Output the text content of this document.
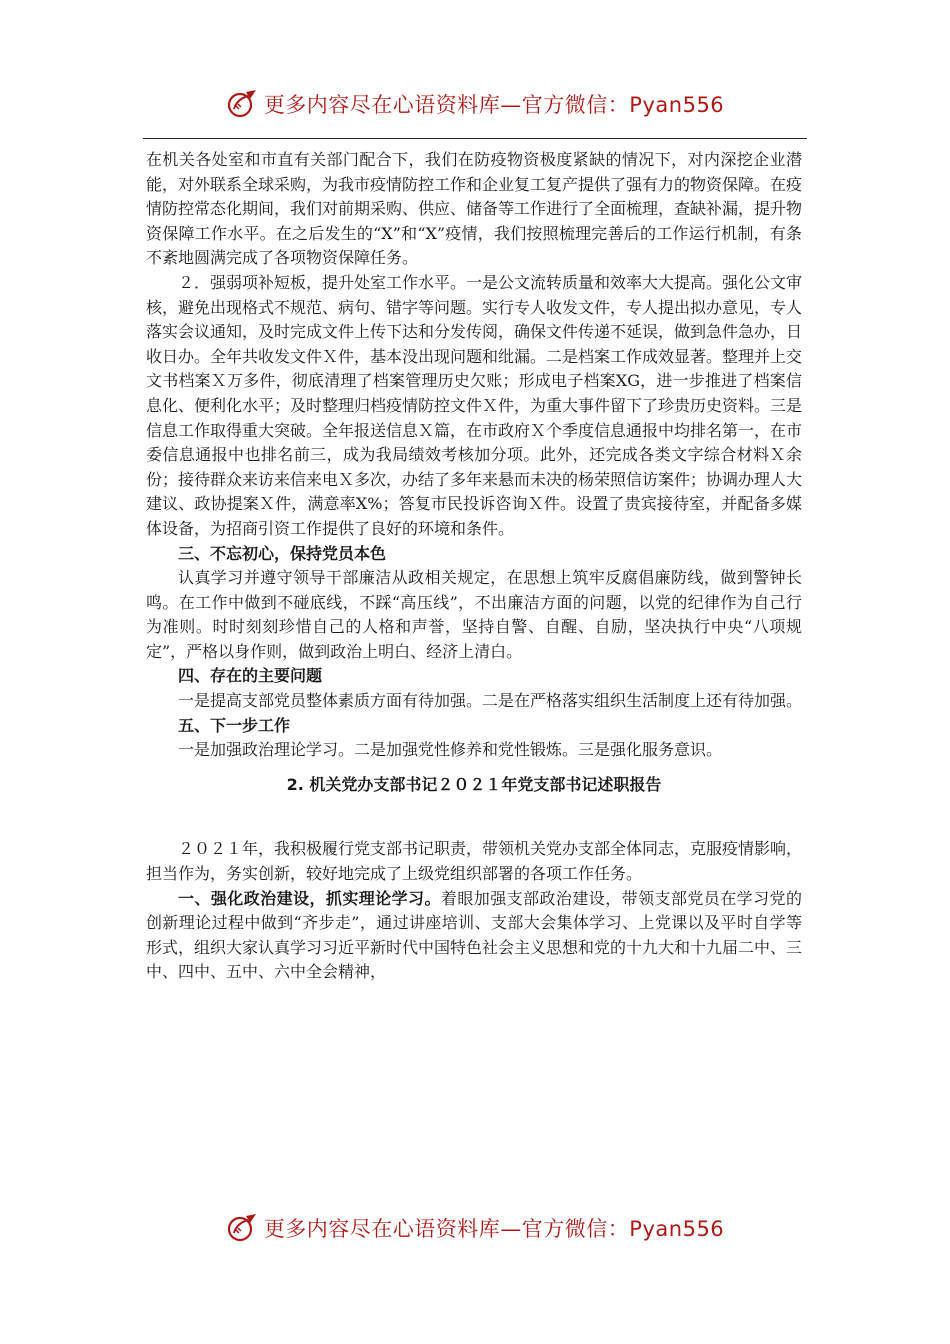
更多内容尽在心语资料库—官方微信：Pyan556

在机关各处室和市直有关部门配合下，我们在防疫物资极度紧缺的情况下，对内深挖企业潜能，对外联系全球采购，为我市疫情防控工作和企业复工复产提供了强有力的物资保障。在疫情防控常态化期间，我们对前期采购、供应、储备等工作进行了全面梳理，查缺补漏，提升物资保障工作水平。在之后发生的“X”和“X”疫情，我们按照梳理完善后的工作运行机制，有条不紊地圆满完成了各项物资保障任务。

２．强弱项补短板，提升处室工作水平。一是公文流转质量和效率大大提高。强化公文审核，避免出现格式不规范、病句、错字等问题。实行专人收发文件，专人提出拟办意见，专人落实会议通知，及时完成文件上传下达和分发传阅，确保文件传递不延误，做到急件急办，日收日办。全年共收发文件Ｘ件，基本没出现问题和纰漏。二是档案工作成效显著。整理并上交文书档案Ｘ万多件，彻底清理了档案管理历史欠账；形成电子档案XG，进一步推进了档案信息化、便利化水平；及时整理归档疫情防控文件Ｘ件，为重大事件留下了珍贵历史资料。三是信息工作取得重大突破。全年报送信息Ｘ篇，在市政府Ｘ个季度信息通报中均排名第一，在市委信息通报中也排名前三，成为我局绩效考核加分项。此外，还完成各类文字综合材料Ｘ余份；接待群众来访来信来电Ｘ多次，办结了多年来悬而未决的杨荣照信访案件；协调办理人大建议、政协提案Ｘ件，满意率X%；答复市民投诉咨询Ｘ件。设置了贵宾接待室，并配备多媒体设备，为招商引资工作提供了良好的环境和条件。

三、不忘初心，保持党员本色

认真学习并遵守领导干部廉洁从政相关规定，在思想上筑牢反腐倡廉防线，做到警钟长鸣。在工作中做到不碰底线，不踩“高压线”，不出廉洁方面的问题，以党的纪律作为自己行为准则。时时刻刻珍惜自己的人格和声誉，坚持自警、自醒、自励，坚决执行中央“八项规定”，严格以身作则，做到政治上明白、经济上清白。

四、存在的主要问题

一是提高支部党员整体素质方面有待加强。二是在严格落实组织生活制度上还有待加强。

五、下一步工作

一是加强政治理论学习。二是加强党性修养和党性锻炼。三是强化服务意识。

2. 机关党办支部书记２０２１年党支部书记述职报告

２０２１年，我积极履行党支部书记职责，带领机关党办支部全体同志，克服疫情影响，担当作为，务实创新，较好地完成了上级党组织部署的各项工作任务。

一、强化政治建设，抓实理论学习。着眼加强支部政治建设，带领支部党员在学习党的创新理论过程中做到“齐步走”，通过讲座培训、支部大会集体学习、上党课以及平时自学等形式，组织大家认真学习习近平新时代中国特色社会主义思想和党的十九大和十九届二中、三中、四中、五中、六中全会精神，

更多内容尽在心语资料库—官方微信：Pyan556
